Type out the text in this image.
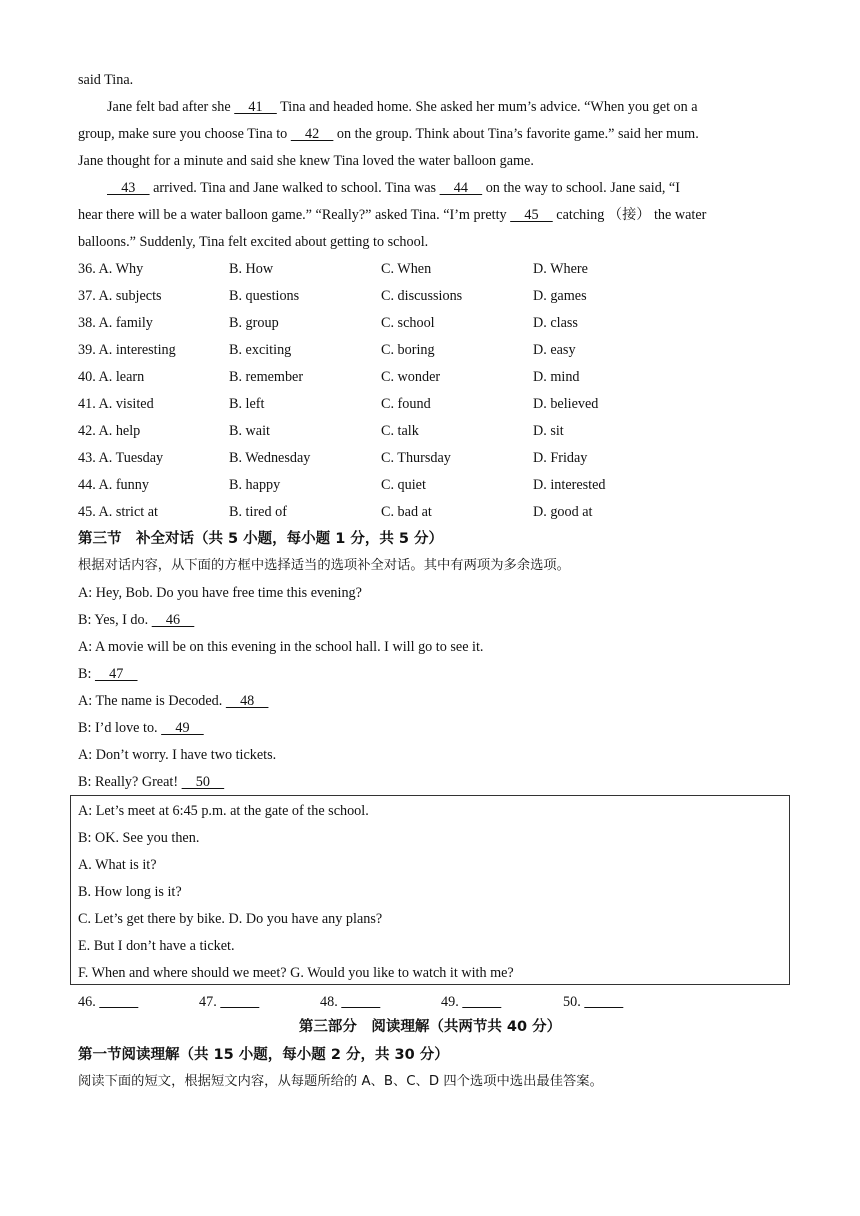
said Tina.
Jane felt bad after she     41     Tina and headed home. She asked her mum’s advice. “When you get on a
group, make sure you choose Tina to     42     on the group. Think about Tina’s favorite game.” said her mum.
Jane thought for a minute and said she knew Tina loved the water balloon game.
43     arrived. Tina and Jane walked to school. Tina was     44     on the way to school. Jane said, “I
hear there will be a water balloon game.” “Really?” asked Tina. “I’m pretty     45     catching （接） the water
balloons.” Suddenly, Tina felt excited about getting to school.
36. A. Why	B. How	C. When	D. Where
37. A. subjects	B. questions	C. discussions	D. games
38. A. family	B. group	C. school	D. class
39. A. interesting	B. exciting	C. boring	D. easy
40. A. learn	B. remember	C. wonder	D. mind
41. A. visited	B. left	C. found	D. believed
42. A. help	B. wait	C. talk	D. sit
43. A. Tuesday	B. Wednesday	C. Thursday	D. Friday
44. A. funny	B. happy	C. quiet	D. interested
45. A. strict at	B. tired of	C. bad at	D. good at
第三节　补全对话（共 5 小题，每小题 1 分，共 5 分）
根据对话内容，从下面的方框中选择适当的选项补全对话。其中有两项为多余选项。
A: Hey, Bob. Do you have free time this evening?
B: Yes, I do.     46
A: A movie will be on this evening in the school hall. I will go to see it.
B:     47
A: The name is Decoded.     48
B: I’d love to.     49
A: Don’t worry. I have two tickets.
B: Really? Great!     50
A: Let’s meet at 6:45 p.m. at the gate of the school.
B: OK. See you then.
A. What is it?
B. How long is it?
C. Let’s get there by bike. D. Do you have any plans?
E. But I don’t have a ticket.
F. When and where should we meet? G. Would you like to watch it with me?
46.	47.	48.	49.	50.
第三部分　阅读理解（共两节共 40 分）
第一节阅读理解（共 15 小题，每小题 2 分，共 30 分）
阅读下面的短文，根据短文内容，从每题所给的 A、B、C、D 四个选项中选出最佳答案。
